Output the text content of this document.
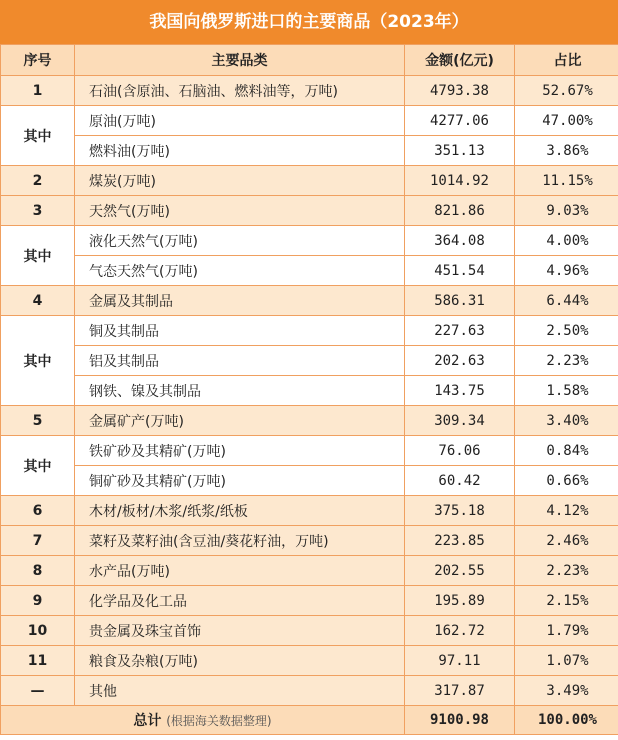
我国向俄罗斯进口的主要商品（2023年）
序号	主要品类	金额(亿元)	占比
1	石油(含原油、石脑油、燃料油等，万吨)	4793.38	52.67%
其中	原油(万吨)	4277.06	47.00%
	燃料油(万吨)	351.13	3.86%
2	煤炭(万吨)	1014.92	11.15%
3	天然气(万吨)	821.86	9.03%
其中	液化天然气(万吨)	364.08	4.00%
	气态天然气(万吨)	451.54	4.96%
4	金属及其制品	586.31	6.44%
其中	铜及其制品	227.63	2.50%
	铝及其制品	202.63	2.23%
	钢铁、镍及其制品	143.75	1.58%
5	金属矿产(万吨)	309.34	3.40%
其中	铁矿砂及其精矿(万吨)	76.06	0.84%
	铜矿砂及其精矿(万吨)	60.42	0.66%
6	木材/板材/木浆/纸浆/纸板	375.18	4.12%
7	菜籽及菜籽油(含豆油/葵花籽油，万吨)	223.85	2.46%
8	水产品(万吨)	202.55	2.23%
9	化学品及化工品	195.89	2.15%
10	贵金属及珠宝首饰	162.72	1.79%
11	粮食及杂粮(万吨)	97.11	1.07%
—	其他	317.87	3.49%
总计 (根据海关数据整理)		9100.98	100.00%
